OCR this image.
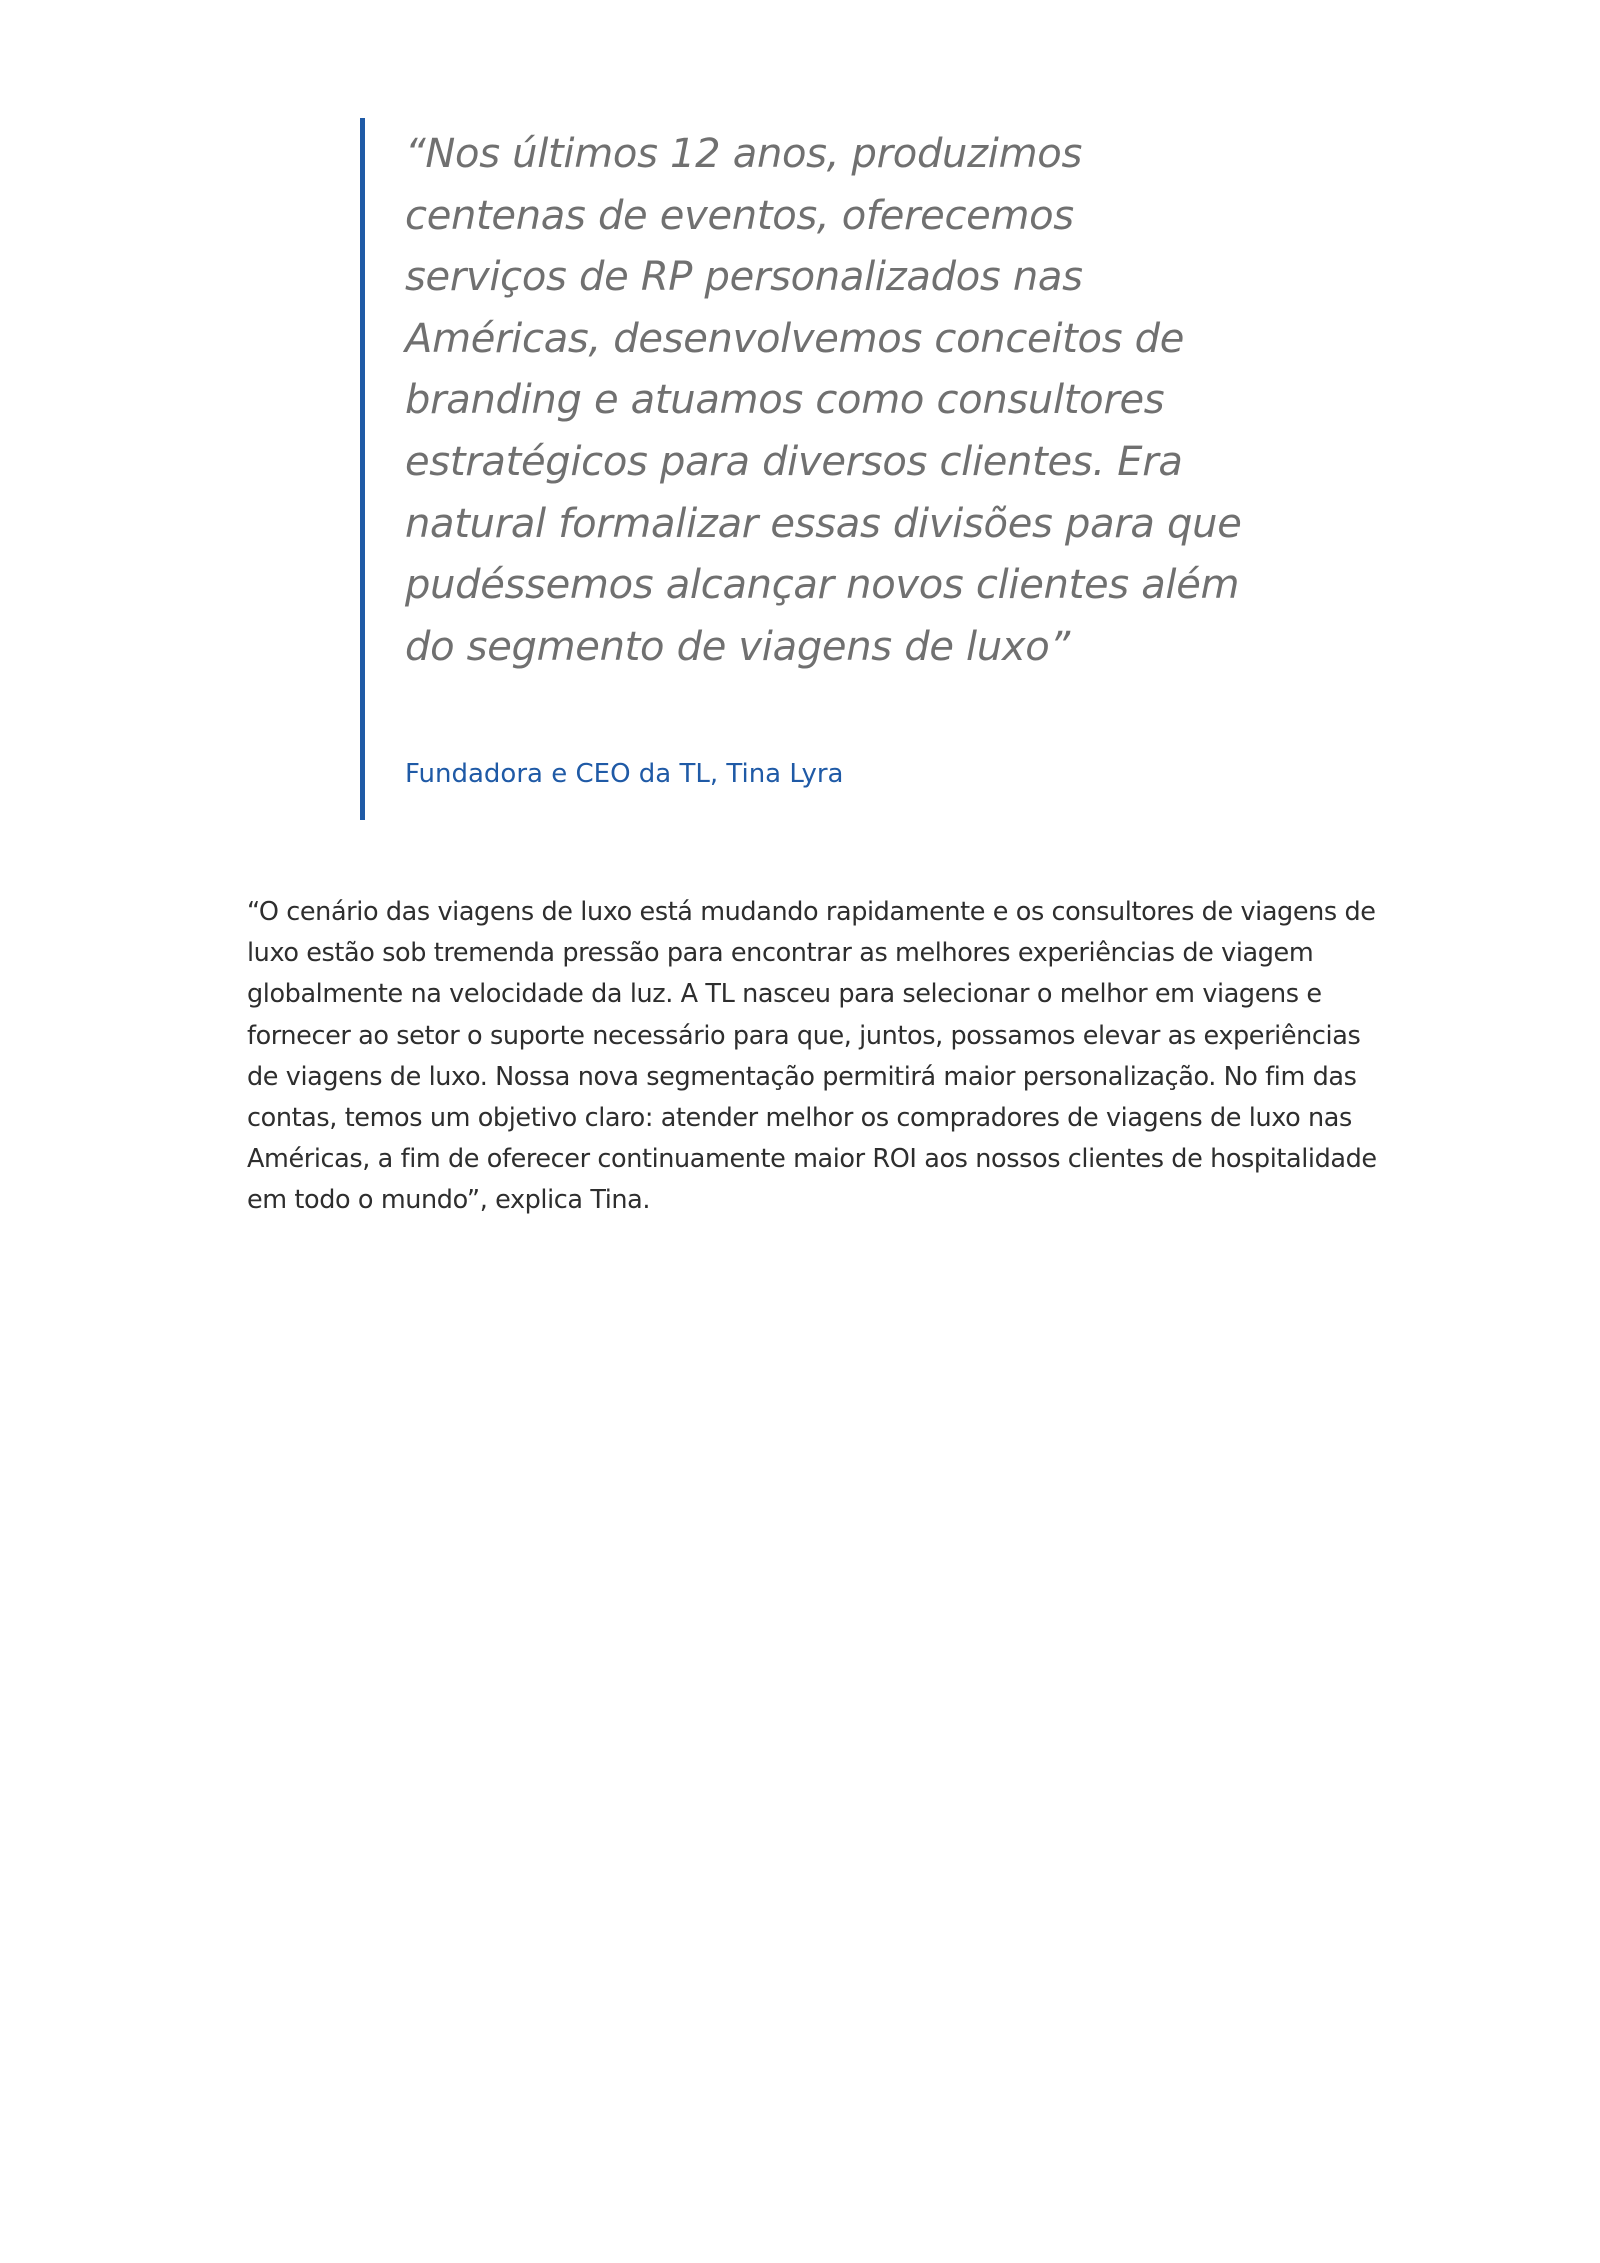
“Nos últimos 12 anos, produzimos centenas de eventos, oferecemos serviços de RP personalizados nas Américas, desenvolvemos conceitos de branding e atuamos como consultores estratégicos para diversos clientes. Era natural formalizar essas divisões para que pudéssemos alcançar novos clientes além do segmento de viagens de luxo”

Fundadora e CEO da TL, Tina Lyra

“O cenário das viagens de luxo está mudando rapidamente e os consultores de viagens de luxo estão sob tremenda pressão para encontrar as melhores experiências de viagem globalmente na velocidade da luz. A TL nasceu para selecionar o melhor em viagens e fornecer ao setor o suporte necessário para que, juntos, possamos elevar as experiências de viagens de luxo. Nossa nova segmentação permitirá maior personalização. No fim das contas, temos um objetivo claro: atender melhor os compradores de viagens de luxo nas Américas, a fim de oferecer continuamente maior ROI aos nossos clientes de hospitalidade em todo o mundo”, explica Tina.
